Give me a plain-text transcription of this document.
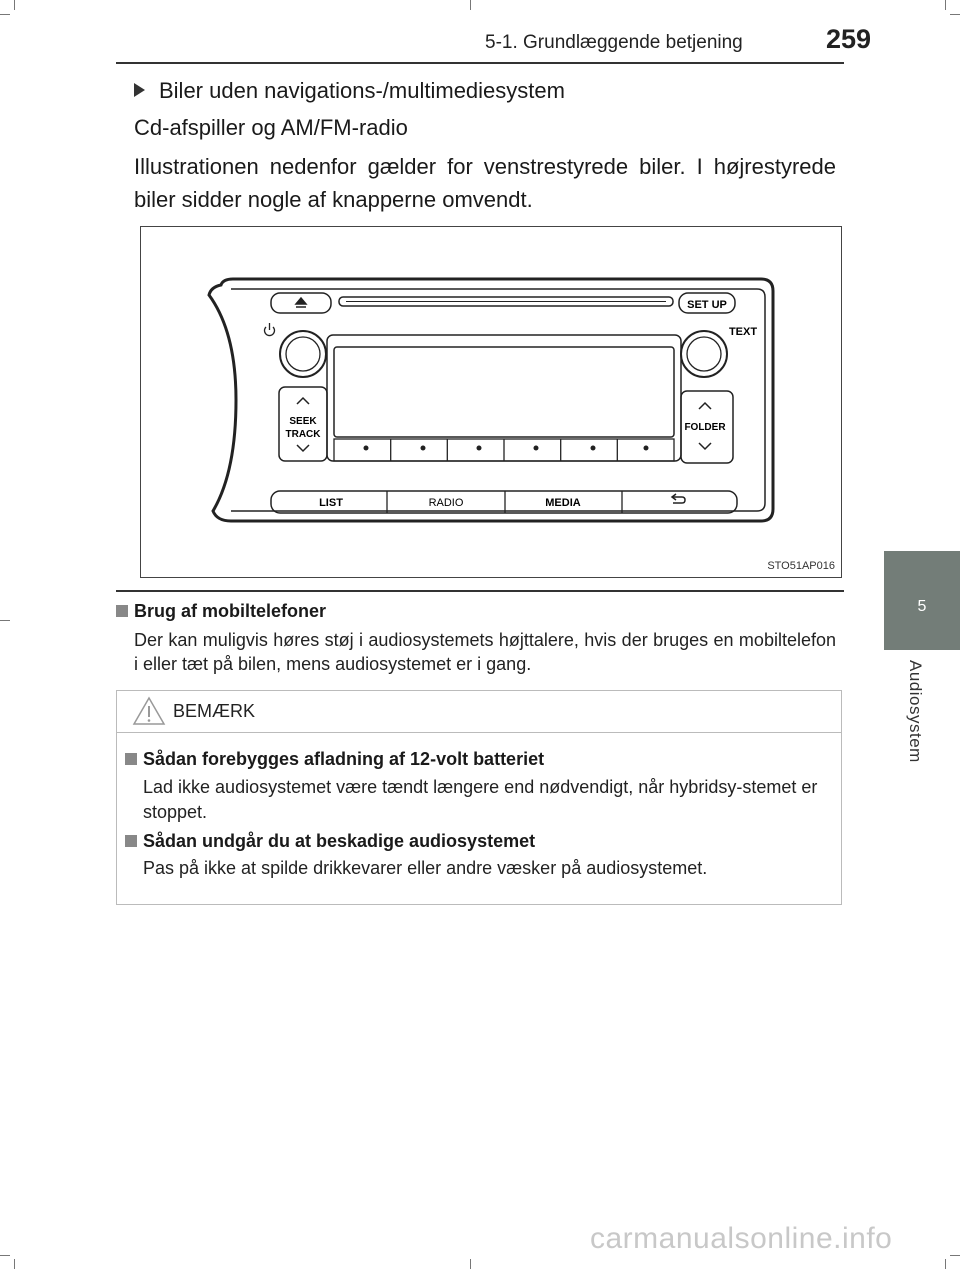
5-1. Grundlæggende betjening	259
5
Audiosystem
Biler uden navigations-/multimediesystem
Cd-afspiller og AM/FM-radio
Illustrationen nedenfor gælder for venstrestyrede biler. I højrestyrede biler sidder nogle af knapperne omvendt.
SET UP
TEXT
SEEK
TRACK
FOLDER
LIST	RADIO	MEDIA
STO51AP016
Brug af mobiltelefoner
Der kan muligvis høres støj i audiosystemets højttalere, hvis der bruges en mobiltelefon i eller tæt på bilen, mens audiosystemet er i gang.
BEMÆRK
Sådan forebygges afladning af 12-volt batteriet
Lad ikke audiosystemet være tændt længere end nødvendigt, når hybridsy-stemet er stoppet.
Sådan undgår du at beskadige audiosystemet
Pas på ikke at spilde drikkevarer eller andre væsker på audiosystemet.
carmanualsonline.info
